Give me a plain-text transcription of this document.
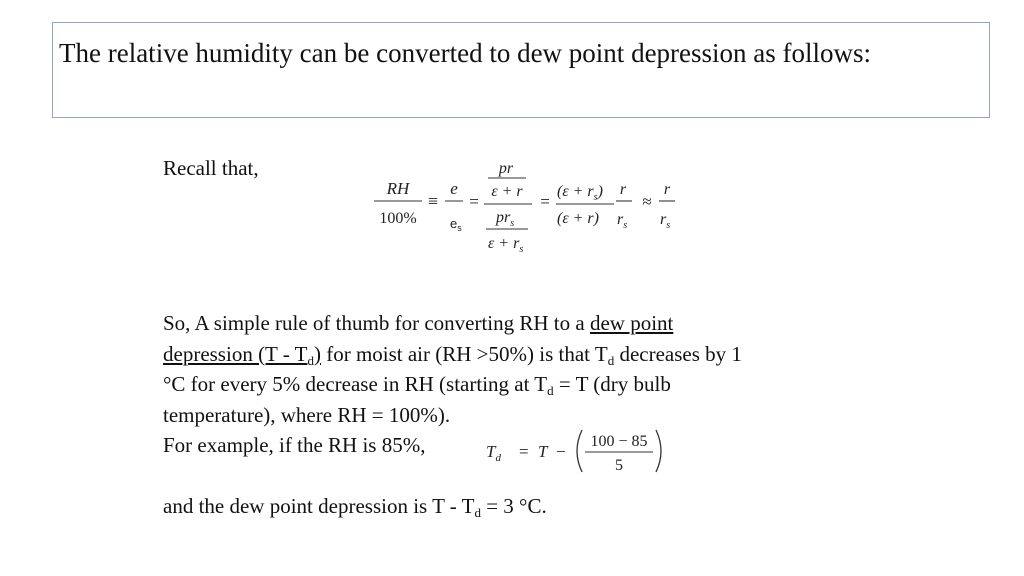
The relative humidity can be converted to dew point depression as follows:
Recall that,
RH
100%
≡
e
$e_s$
=
pr
ε + r
$pr_s$
$\varepsilon + r_s$
=
$(\varepsilon + r_s)$
(ε + r)
r
$r_s$
≈
r
$r_s$
So, A simple rule of thumb for converting RH to a dew point
depression $(T - T_d)$ for moist air (RH >50%) is that $T_d$ decreases by 1
°C for every 5% decrease in RH (starting at $T_d = T$ (dry bulb
temperature), where RH = 100%).
For example, if the RH is 85%,	$T_d = T$ −
100 − 85
5
and the dew point depression is $T - T_d = 3$ °C.
